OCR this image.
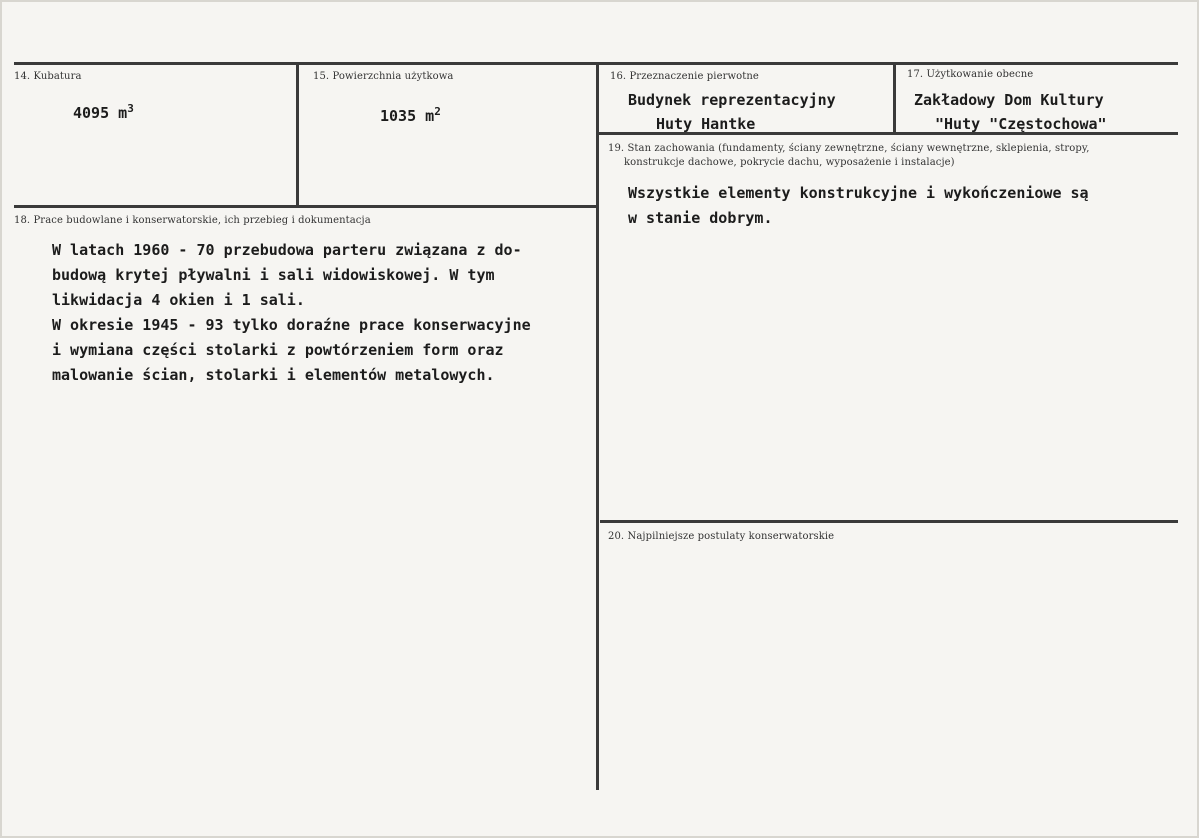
14. Kubatura
4095 $m^3$
15. Powierzchnia użytkowa
1035 $m^2$
16. Przeznaczenie pierwotne
Budynek reprezentacyjny
Huty Hantke
17. Użytkowanie obecne
Zakładowy Dom Kultury
"Huty "Częstochowa"
18. Prace budowlane i konserwatorskie, ich przebieg i dokumentacja
W latach 1960 - 70 przebudowa parteru związana z do-
budową krytej pływalni i sali widowiskowej. W tym
likwidacja 4 okien i 1 sali.
W okresie 1945 - 93 tylko doraźne prace konserwacyjne
i wymiana części stolarki z powtórzeniem form oraz
malowanie ścian, stolarki i elementów metalowych.
19. Stan zachowania (fundamenty, ściany zewnętrzne, ściany wewnętrzne, sklepienia, stropy,
konstrukcje dachowe, pokrycie dachu, wyposażenie i instalacje)
Wszystkie elementy konstrukcyjne i wykończeniowe są
w stanie dobrym.
20. Najpilniejsze postulaty konserwatorskie
